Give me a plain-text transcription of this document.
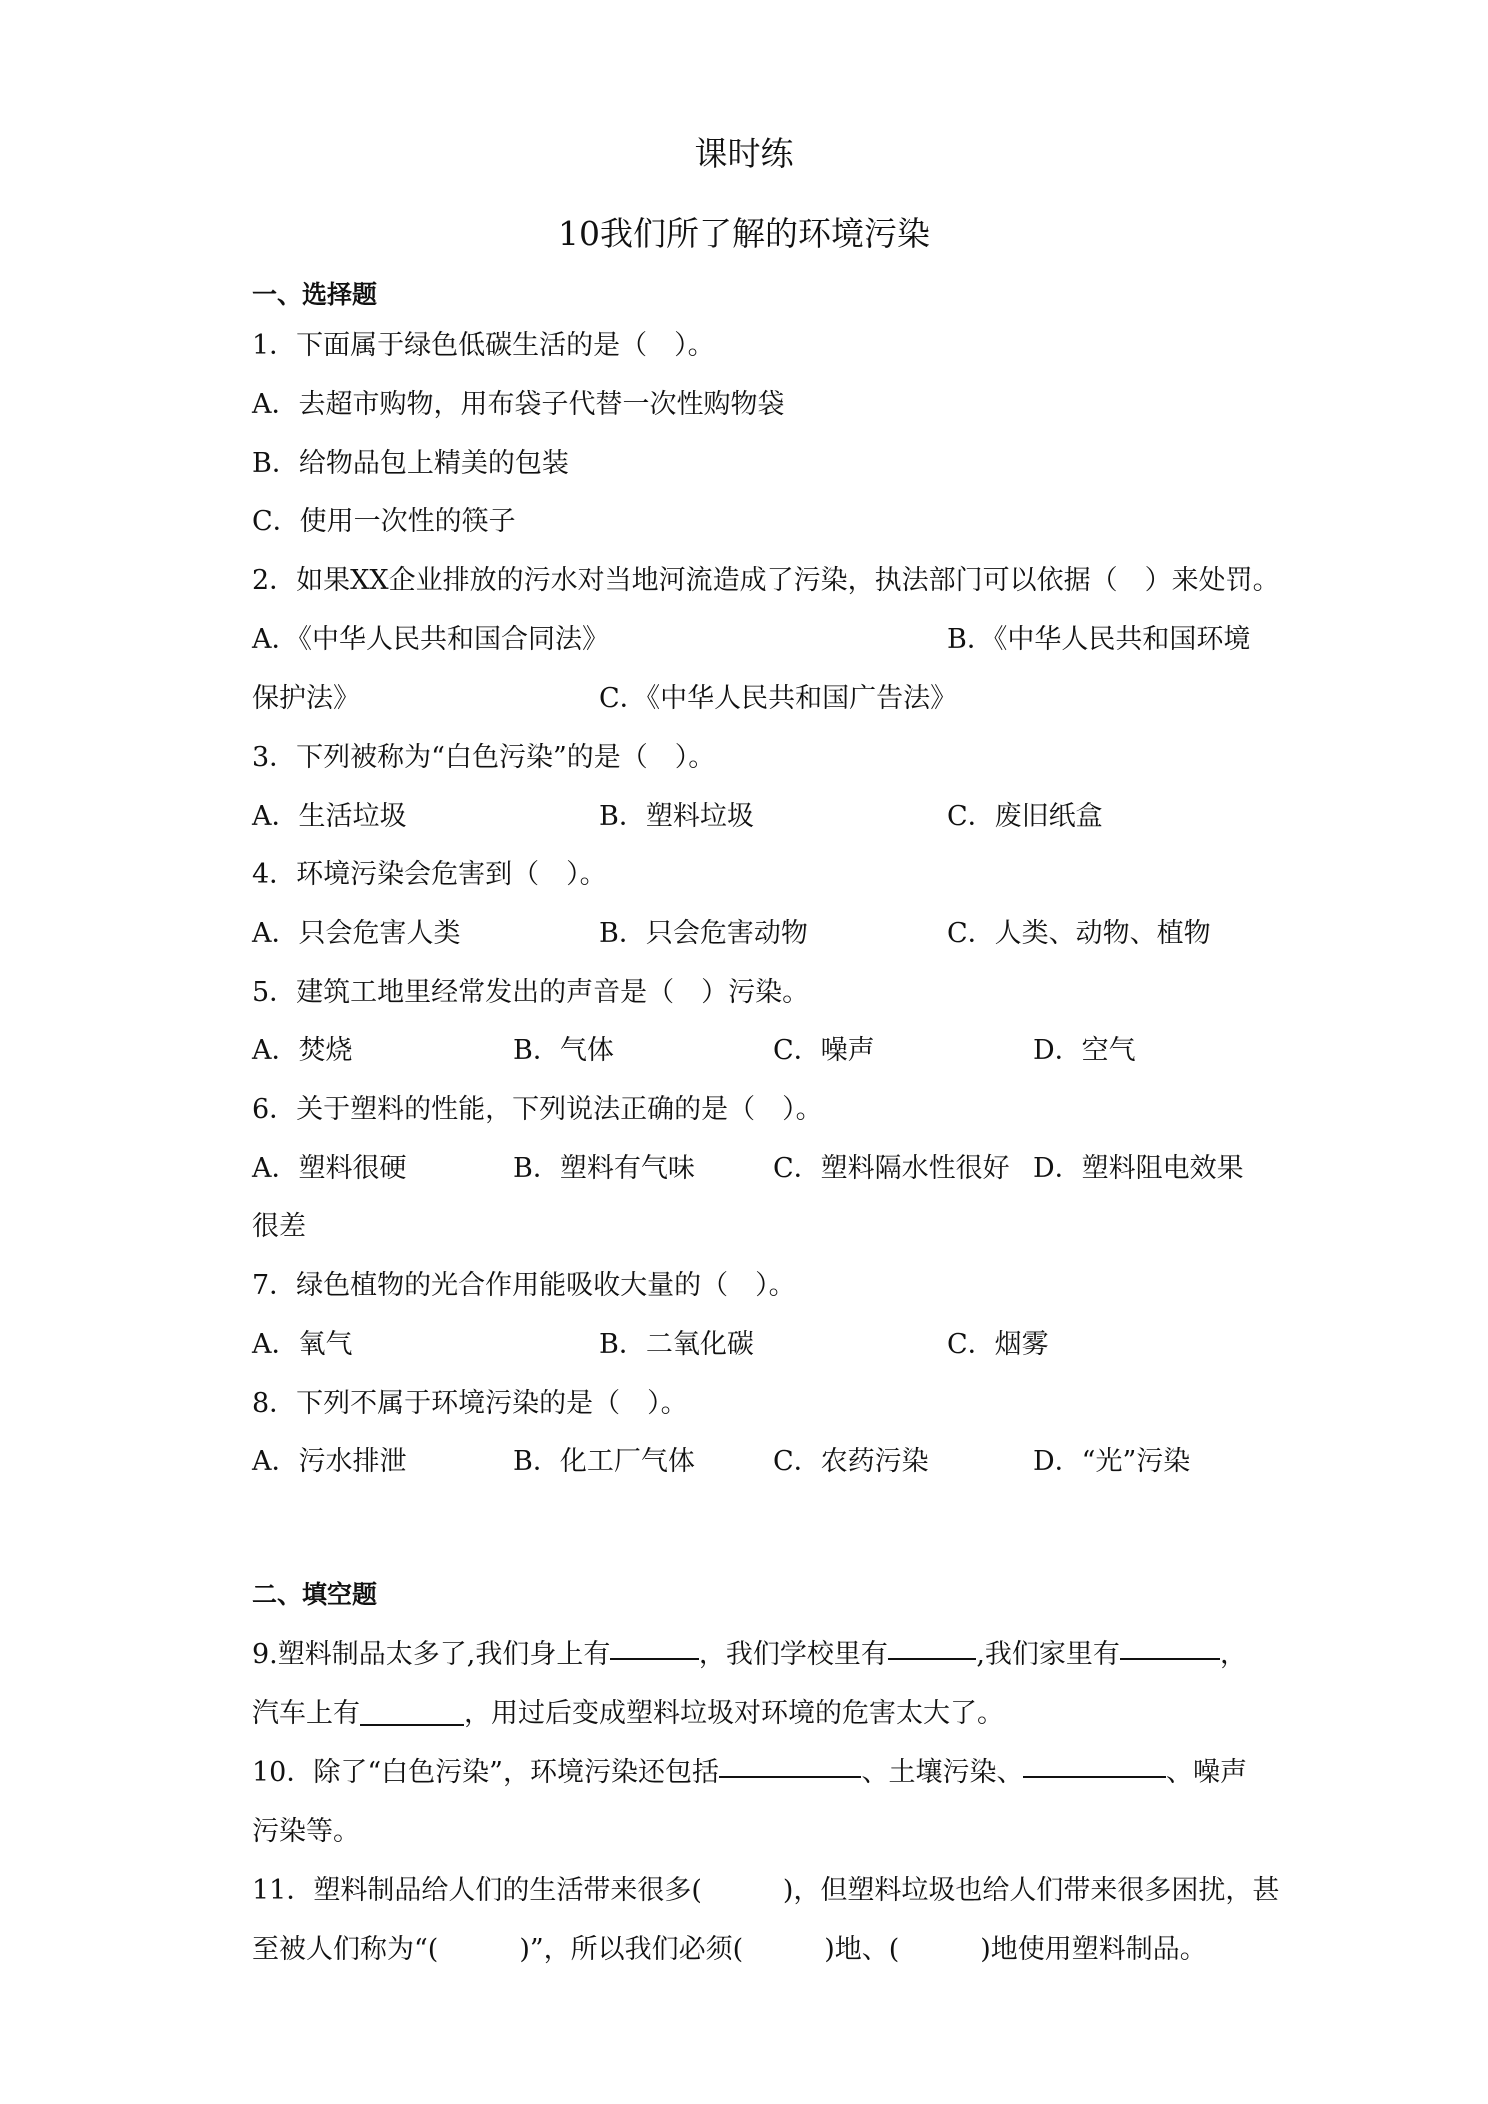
课时练
10我们所了解的环境污染
一、选择题
1．下面属于绿色低碳生活的是（　）。
A．去超市购物，用布袋子代替一次性购物袋
B．给物品包上精美的包装
C．使用一次性的筷子
2．如果XX企业排放的污水对当地河流造成了污染，执法部门可以依据（　）来处罚。
A．《中华人民共和国合同法》	B．《中华人民共和国环境
保护法》	C．《中华人民共和国广告法》
3．下列被称为“白色污染”的是（　）。
A．生活垃圾	B．塑料垃圾	C．废旧纸盒
4．环境污染会危害到（　）。
A．只会危害人类	B．只会危害动物	C．人类、动物、植物
5．建筑工地里经常发出的声音是（　）污染。
A．焚烧	B．气体	C．噪声	D．空气
6．关于塑料的性能，下列说法正确的是（　）。
A．塑料很硬	B．塑料有气味	C．塑料隔水性很好 D．塑料阻电效果
很差
7．绿色植物的光合作用能吸收大量的（　）。
A．氧气	B．二氧化碳	C．烟雾
8．下列不属于环境污染的是（　）。
A．污水排泄	B．化工厂气体	C．农药污染	D．“光”污染
二、填空题
9.塑料制品太多了,我们身上有	，我们学校里有	,我们家里有	，
汽车上有	，用过后变成塑料垃圾对环境的危害太大了。
10．除了“白色污染”，环境污染还包括	、土壤污染、	、噪声
污染等。
11．塑料制品给人们的生活带来很多(　　　)，但塑料垃圾也给人们带来很多困扰，甚
至被人们称为“(　　　)”，所以我们必须(　　　)地、(　　　)地使用塑料制品。
